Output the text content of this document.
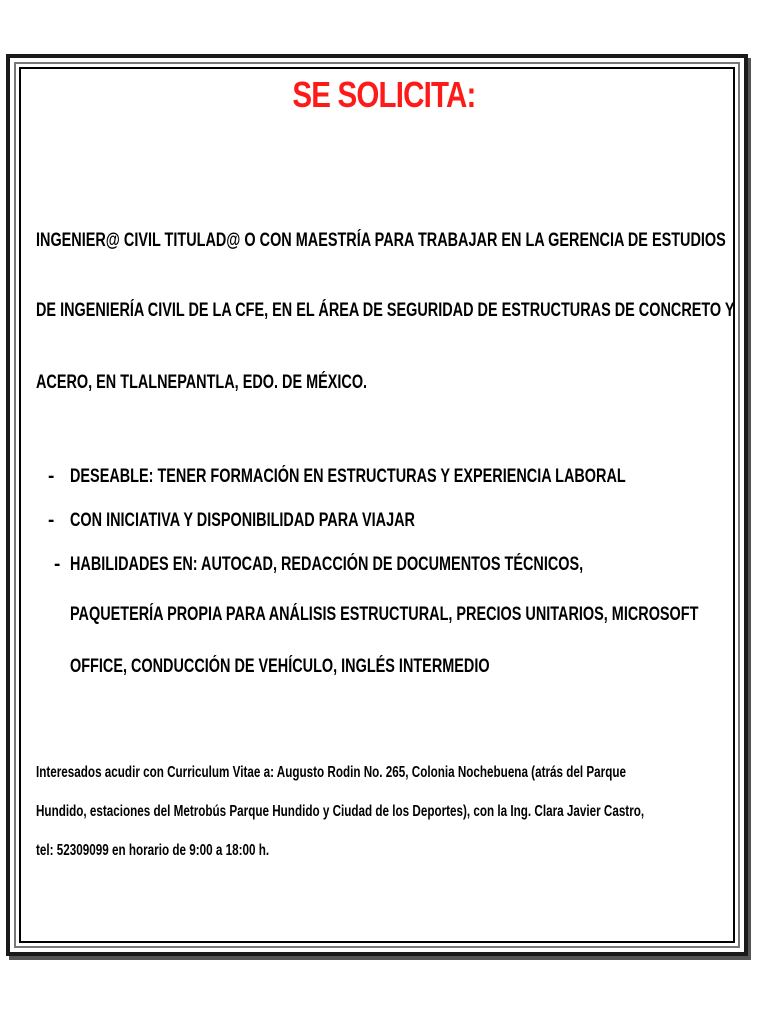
SE SOLICITA:
INGENIER@ CIVIL TITULAD@ O CON MAESTRÍA PARA TRABAJAR EN LA GERENCIA DE ESTUDIOS
DE INGENIERÍA CIVIL DE LA CFE, EN EL ÁREA DE SEGURIDAD DE ESTRUCTURAS DE CONCRETO Y
ACERO, EN TLALNEPANTLA, EDO. DE MÉXICO.
- DESEABLE: TENER FORMACIÓN EN ESTRUCTURAS Y EXPERIENCIA LABORAL
- CON INICIATIVA Y DISPONIBILIDAD PARA VIAJAR
- HABILIDADES EN: AUTOCAD, REDACCIÓN DE DOCUMENTOS TÉCNICOS,
PAQUETERÍA PROPIA PARA ANÁLISIS ESTRUCTURAL, PRECIOS UNITARIOS, MICROSOFT
OFFICE, CONDUCCIÓN DE VEHÍCULO, INGLÉS INTERMEDIO
Interesados acudir con Curriculum Vitae a: Augusto Rodin No. 265, Colonia Nochebuena (atrás del Parque
Hundido, estaciones del Metrobús Parque Hundido y Ciudad de los Deportes), con la Ing. Clara Javier Castro,
tel: 52309099 en horario de 9:00 a 18:00 h.
